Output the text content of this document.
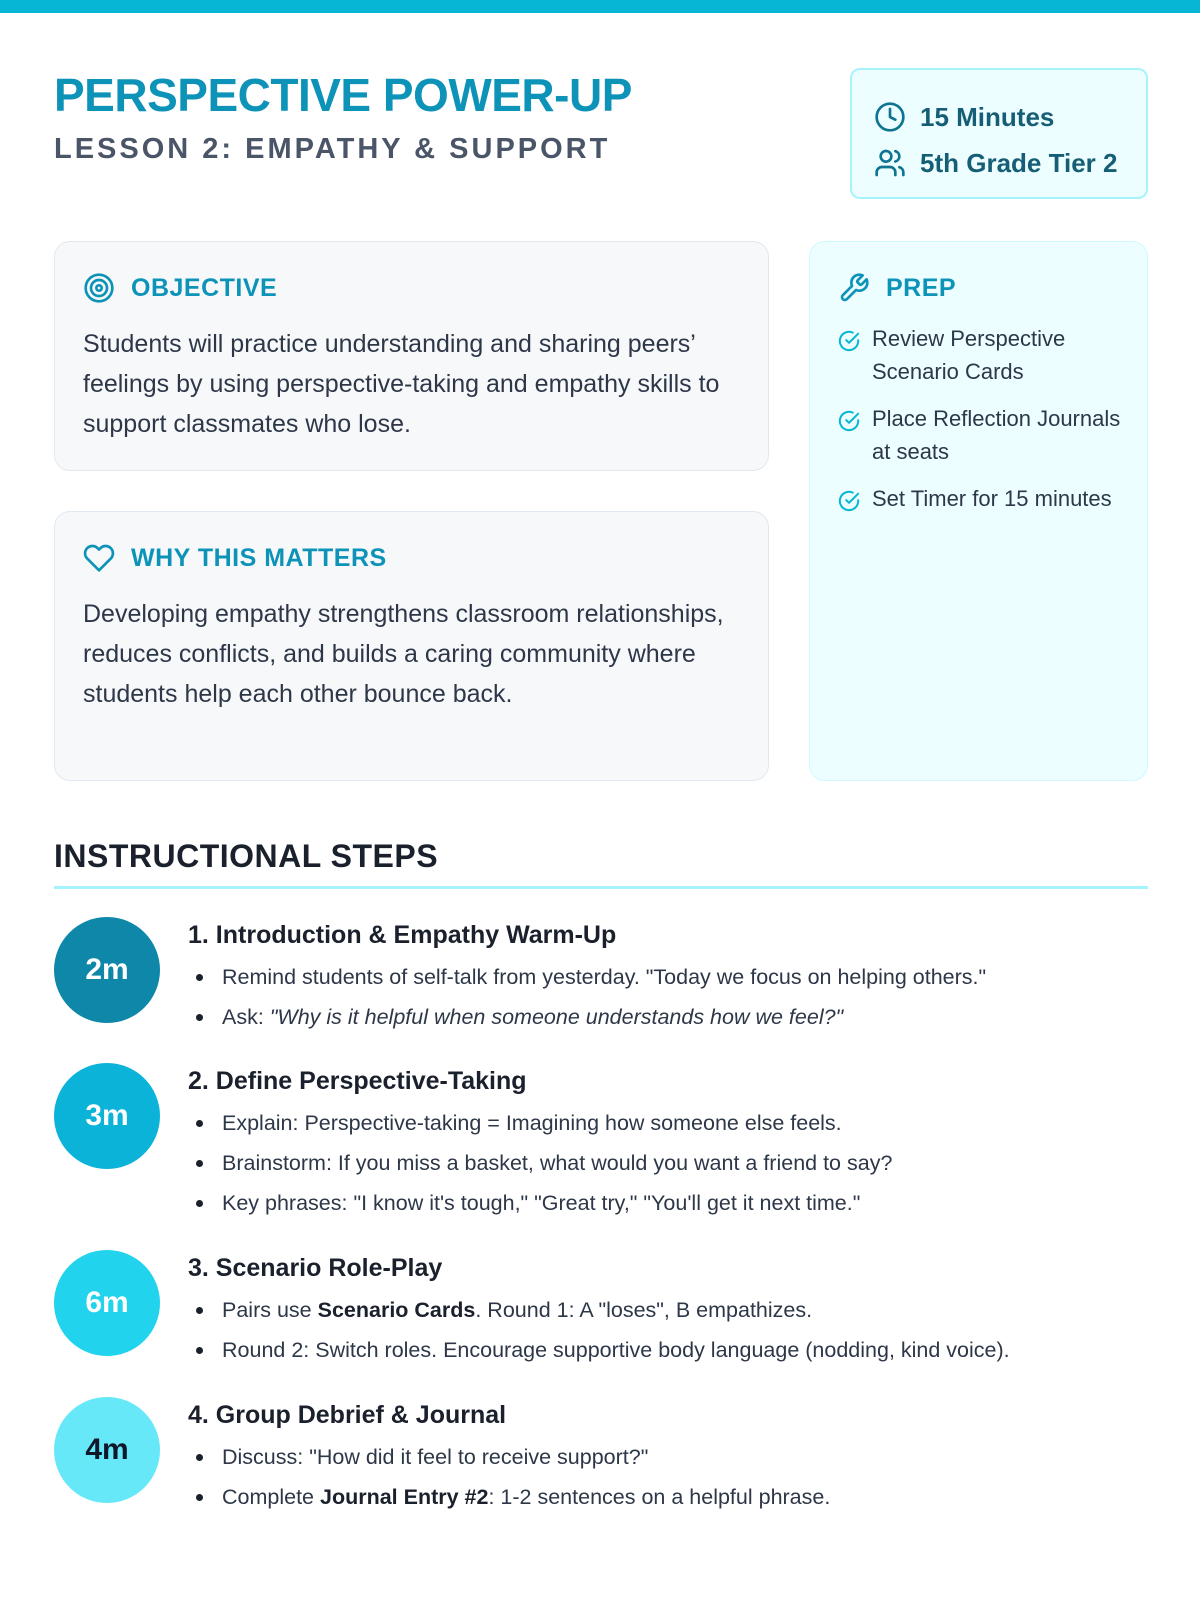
PERSPECTIVE POWER-UP
LESSON 2: EMPATHY & SUPPORT
15 Minutes
5th Grade Tier 2
OBJECTIVE
Students will practice understanding and sharing peers’ feelings by using perspective-taking and empathy skills to support classmates who lose.
WHY THIS MATTERS
Developing empathy strengthens classroom relationships, reduces conflicts, and builds a caring community where students help each other bounce back.
PREP
Review Perspective Scenario Cards
Place Reflection Journals at seats
Set Timer for 15 minutes
INSTRUCTIONAL STEPS
2m
1. Introduction & Empathy Warm-Up
Remind students of self-talk from yesterday. "Today we focus on helping others."
Ask: "Why is it helpful when someone understands how we feel?"
3m
2. Define Perspective-Taking
Explain: Perspective-taking = Imagining how someone else feels.
Brainstorm: If you miss a basket, what would you want a friend to say?
Key phrases: "I know it's tough," "Great try," "You'll get it next time."
6m
3. Scenario Role-Play
Pairs use Scenario Cards. Round 1: A "loses", B empathizes.
Round 2: Switch roles. Encourage supportive body language (nodding, kind voice).
4m
4. Group Debrief & Journal
Discuss: "How did it feel to receive support?"
Complete Journal Entry #2: 1-2 sentences on a helpful phrase.
